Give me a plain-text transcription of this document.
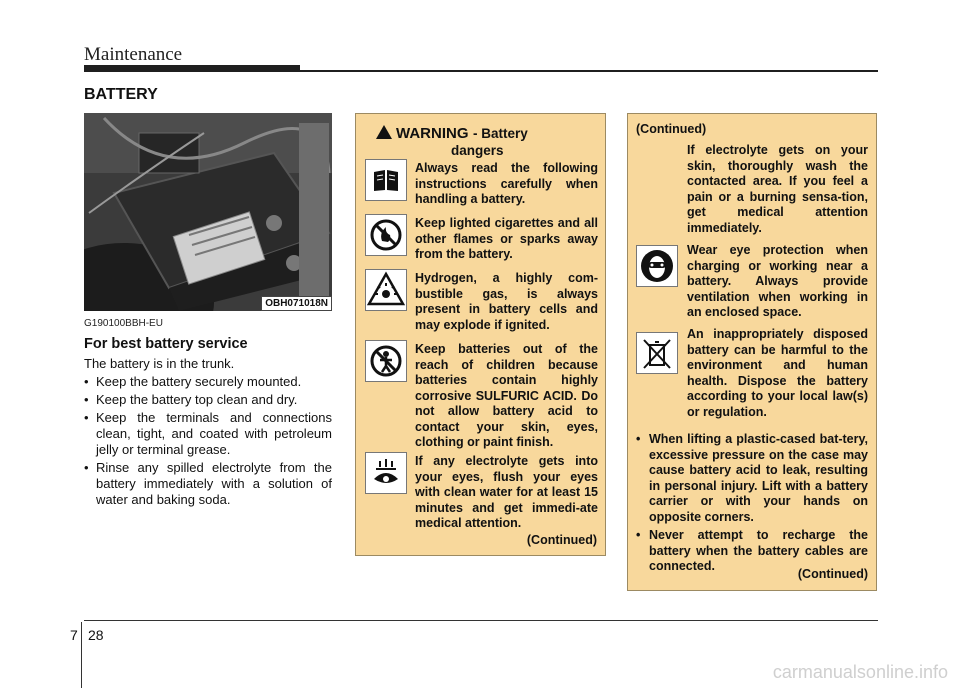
Maintenance
BATTERY
OBH071018N
G190100BBH-EU
For best battery service
The battery is in the trunk.
• Keep the battery securely mounted.
• Keep the battery top clean and dry.
• Keep the terminals and connections clean, tight, and coated with petroleum jelly or terminal grease.
• Rinse any spilled electrolyte from the battery immediately with a solution of water and baking soda.
WARNING - Battery
dangers
Always read the following instructions carefully when handling a battery.
Keep lighted cigarettes and all other flames or sparks away from the battery.
Hydrogen, a highly com-bustible gas, is always present in battery cells and may explode if ignited.
Keep batteries out of the reach of children because batteries contain highly corrosive SULFURIC ACID. Do not allow battery acid to contact your skin, eyes, clothing or paint finish.
If any electrolyte gets into your eyes, flush your eyes with clean water for at least 15 minutes and get immedi-ate medical attention.
(Continued)
(Continued)
If electrolyte gets on your skin, thoroughly wash the contacted area. If you feel a pain or a burning sensa-tion, get medical attention immediately.
Wear eye protection when charging or working near a battery. Always provide ventilation when working in an enclosed space.
An inappropriately disposed battery can be harmful to the environment and human health. Dispose the battery according to your local law(s) or regulation.
• When lifting a plastic-cased bat-tery, excessive pressure on the case may cause battery acid to leak, resulting in personal injury. Lift with a battery carrier or with your hands on opposite corners.
• Never attempt to recharge the battery when the battery cables are connected.
(Continued)
7 28
carmanualsonline.info
